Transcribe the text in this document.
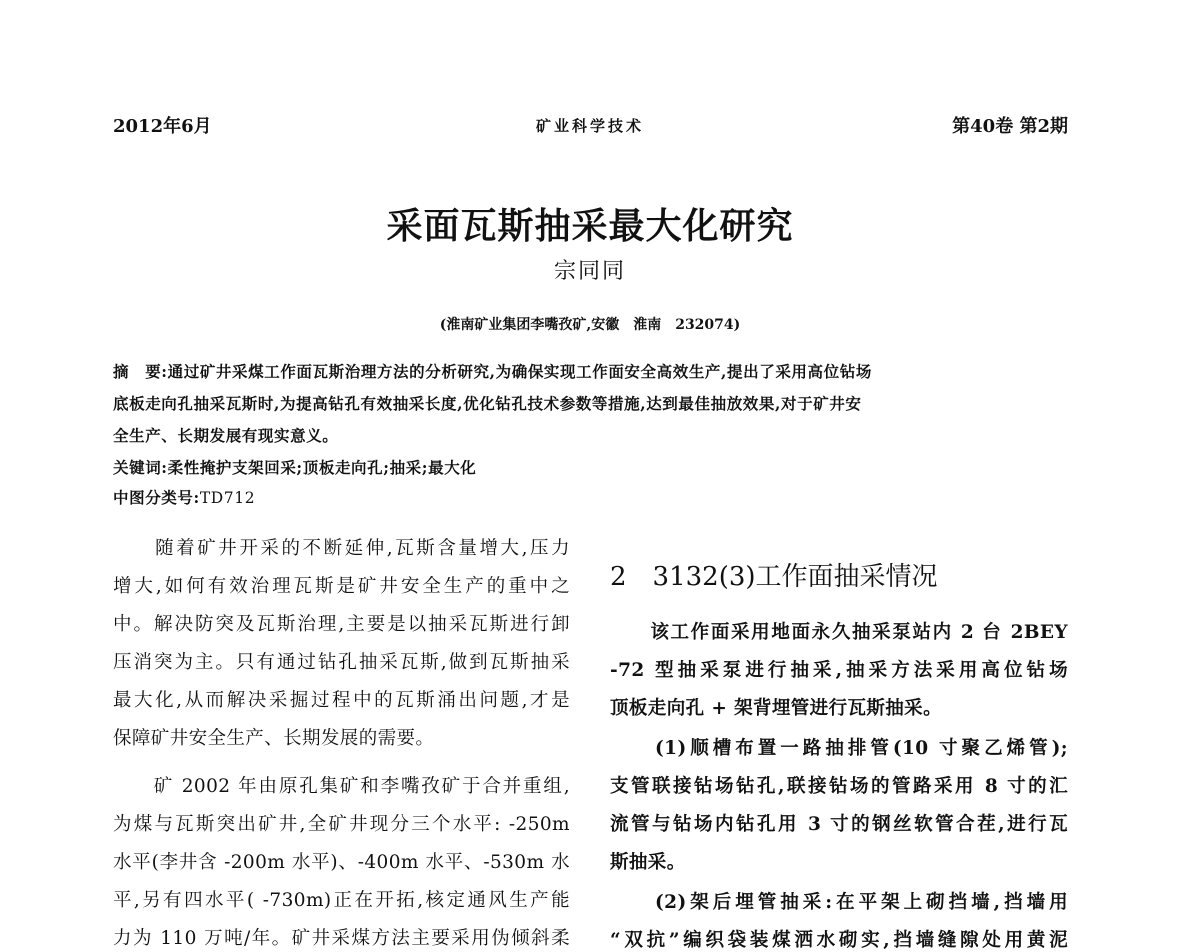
2012年6月	矿业科学技术	第40卷 第2期
采面瓦斯抽采最大化研究
宗同同
(淮南矿业集团李嘴孜矿,安徽　淮南　232074)
摘　要:通过矿井采煤工作面瓦斯治理方法的分析研究,为确保实现工作面安全高效生产,提出了采用高位钻场
底板走向孔抽采瓦斯时,为提高钻孔有效抽采长度,优化钻孔技术参数等措施,达到最佳抽放效果,对于矿井安
全生产、长期发展有现实意义。
关键词:柔性掩护支架回采;顶板走向孔;抽采;最大化
中图分类号:TD712
　　随着矿井开采的不断延伸,瓦斯含量增大,压力
增大,如何有效治理瓦斯是矿井安全生产的重中之
中。解决防突及瓦斯治理,主要是以抽采瓦斯进行卸
压消突为主。只有通过钻孔抽采瓦斯,做到瓦斯抽采
最大化,从而解决采掘过程中的瓦斯涌出问题,才是
保障矿井安全生产、长期发展的需要。
　　矿 2002 年由原孔集矿和李嘴孜矿于合并重组,
为煤与瓦斯突出矿井,全矿井现分三个水平: -250m
水平(李井含 -200m 水平)、-400m 水平、-530m 水
平,另有四水平( -730m)正在开拓,核定通风生产能
力为 110 万吨/年。矿井采煤方法主要采用伪倾斜柔
2　3132(3)工作面抽采情况
　　该工作面采用地面永久抽采泵站内 2 台 2BEY
-72 型抽采泵进行抽采,抽采方法采用高位钻场
顶板走向孔 + 架背埋管进行瓦斯抽采。
　　(1)顺槽布置一路抽排管(10 寸聚乙烯管);
支管联接钻场钻孔,联接钻场的管路采用 8 寸的汇
流管与钻场内钻孔用 3 寸的钢丝软管合茬,进行瓦
斯抽采。
　　(2)架后埋管抽采:在平架上砌挡墙,挡墙用
“双抗”编织袋装煤洒水砌实,挡墙缝隙处用黄泥
